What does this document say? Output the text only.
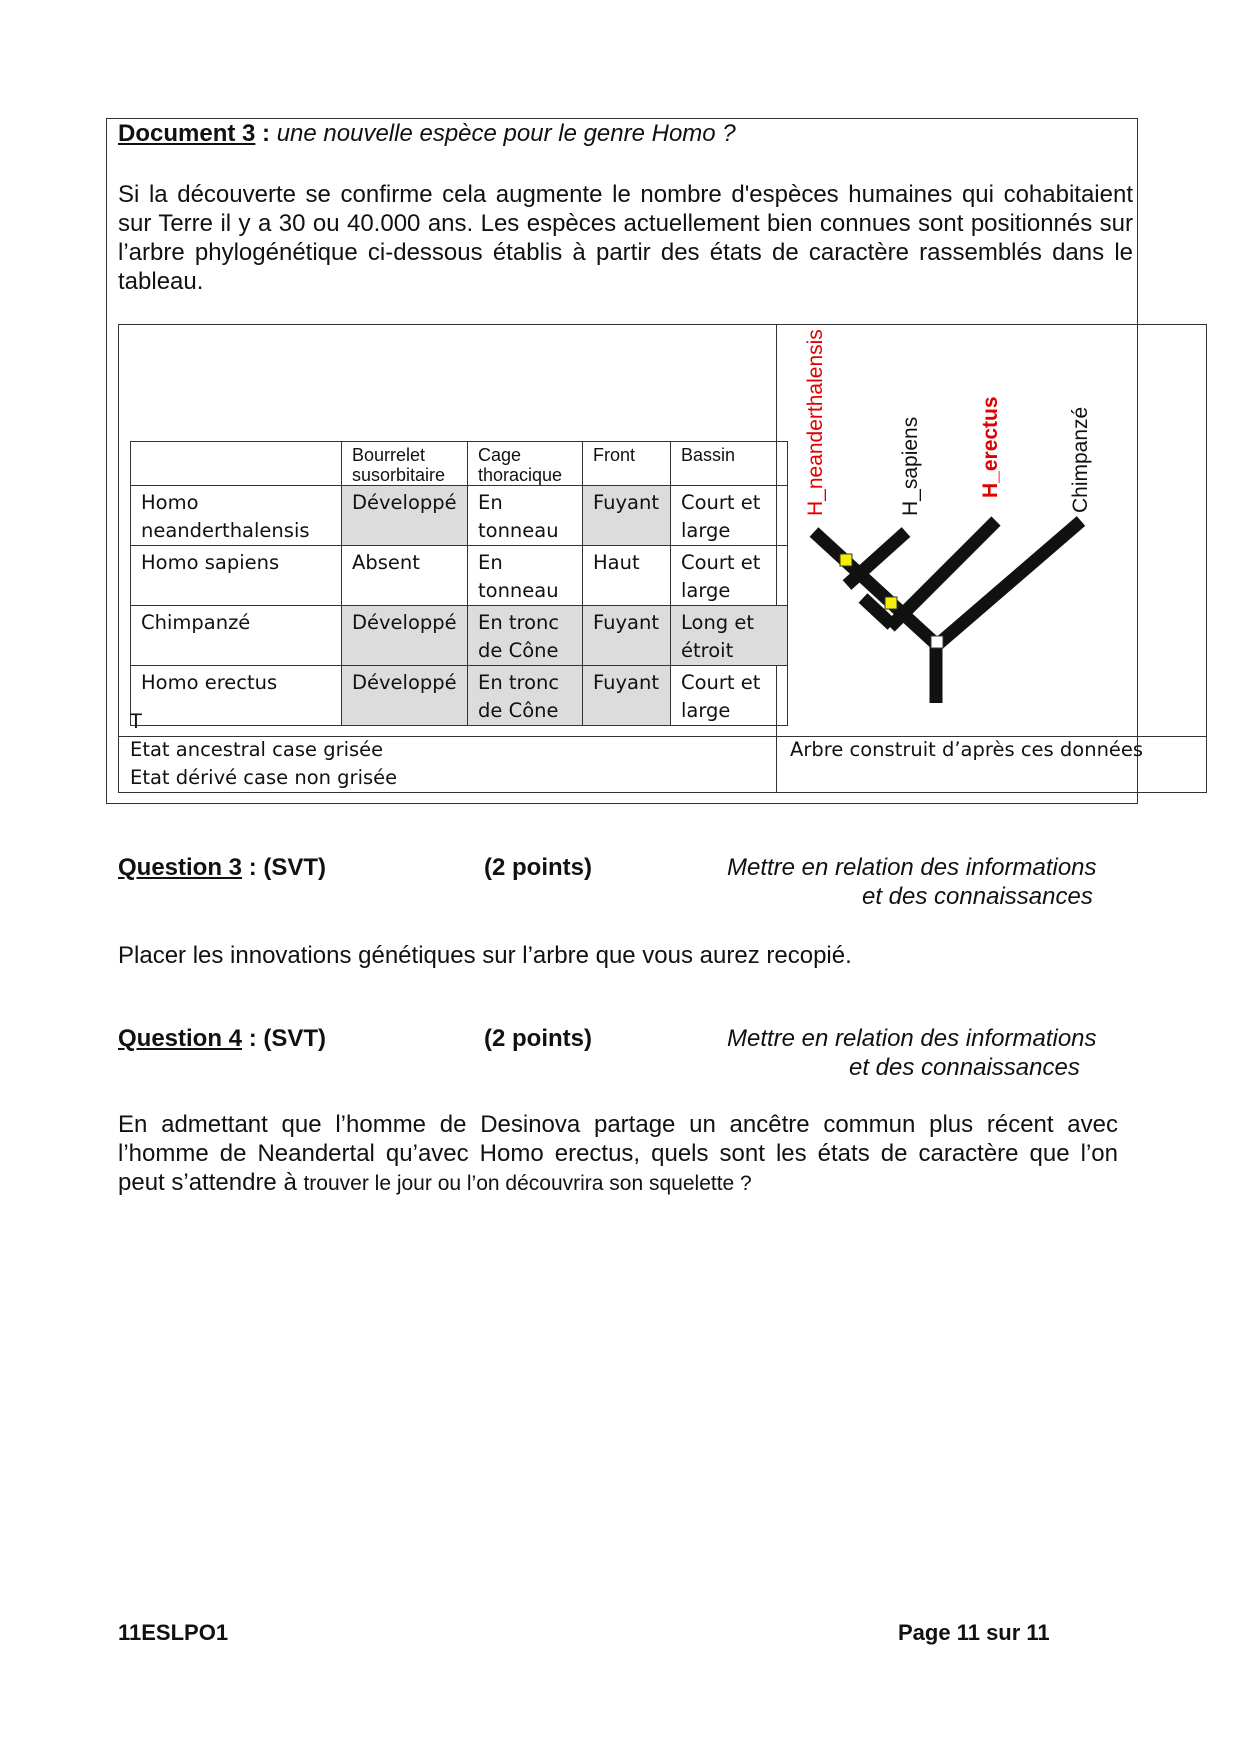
Document 3 : une nouvelle espèce pour le genre Homo ?
Si la découverte se confirme cela augmente le nombre d'espèces humaines qui cohabitaient sur Terre il y a 30 ou 40.000 ans. Les espèces actuellement bien connues sont positionnés sur l’arbre phylogénétique ci-dessous établis à partir des états de caractère rassemblés dans le tableau.
	Bourrelet susorbitaire	Cage thoracique	Front	Bassin
Homo neanderthalensis	Développé	En tonneau	Fuyant	Court et large
Homo sapiens	Absent	En tonneau	Haut	Court et large
Chimpanzé	Développé	En tronc de Cône	Fuyant	Long et étroit
Homo erectus	Développé	En tronc de Cône	Fuyant	Court et large
T
Etat ancestral case grisée
Etat dérivé case non grisée
Arbre construit d’après ces données
H_neanderthalensis	H_sapiens	H_erectus	Chimpanzé
Question 3 : (SVT)	(2 points)	Mettre en relation des informations
et des connaissances
Placer les innovations génétiques sur l’arbre que vous aurez recopié.
Question 4 : (SVT)	(2 points)	Mettre en relation des informations
et des connaissances
En admettant que l’homme de Desinova partage un ancêtre commun plus récent avec
l’homme de Neandertal qu’avec Homo erectus, quels sont les états de caractère que l’on
peut s’attendre à trouver le jour ou l’on découvrira son squelette ?
11ESLPO1	Page 11 sur 11
